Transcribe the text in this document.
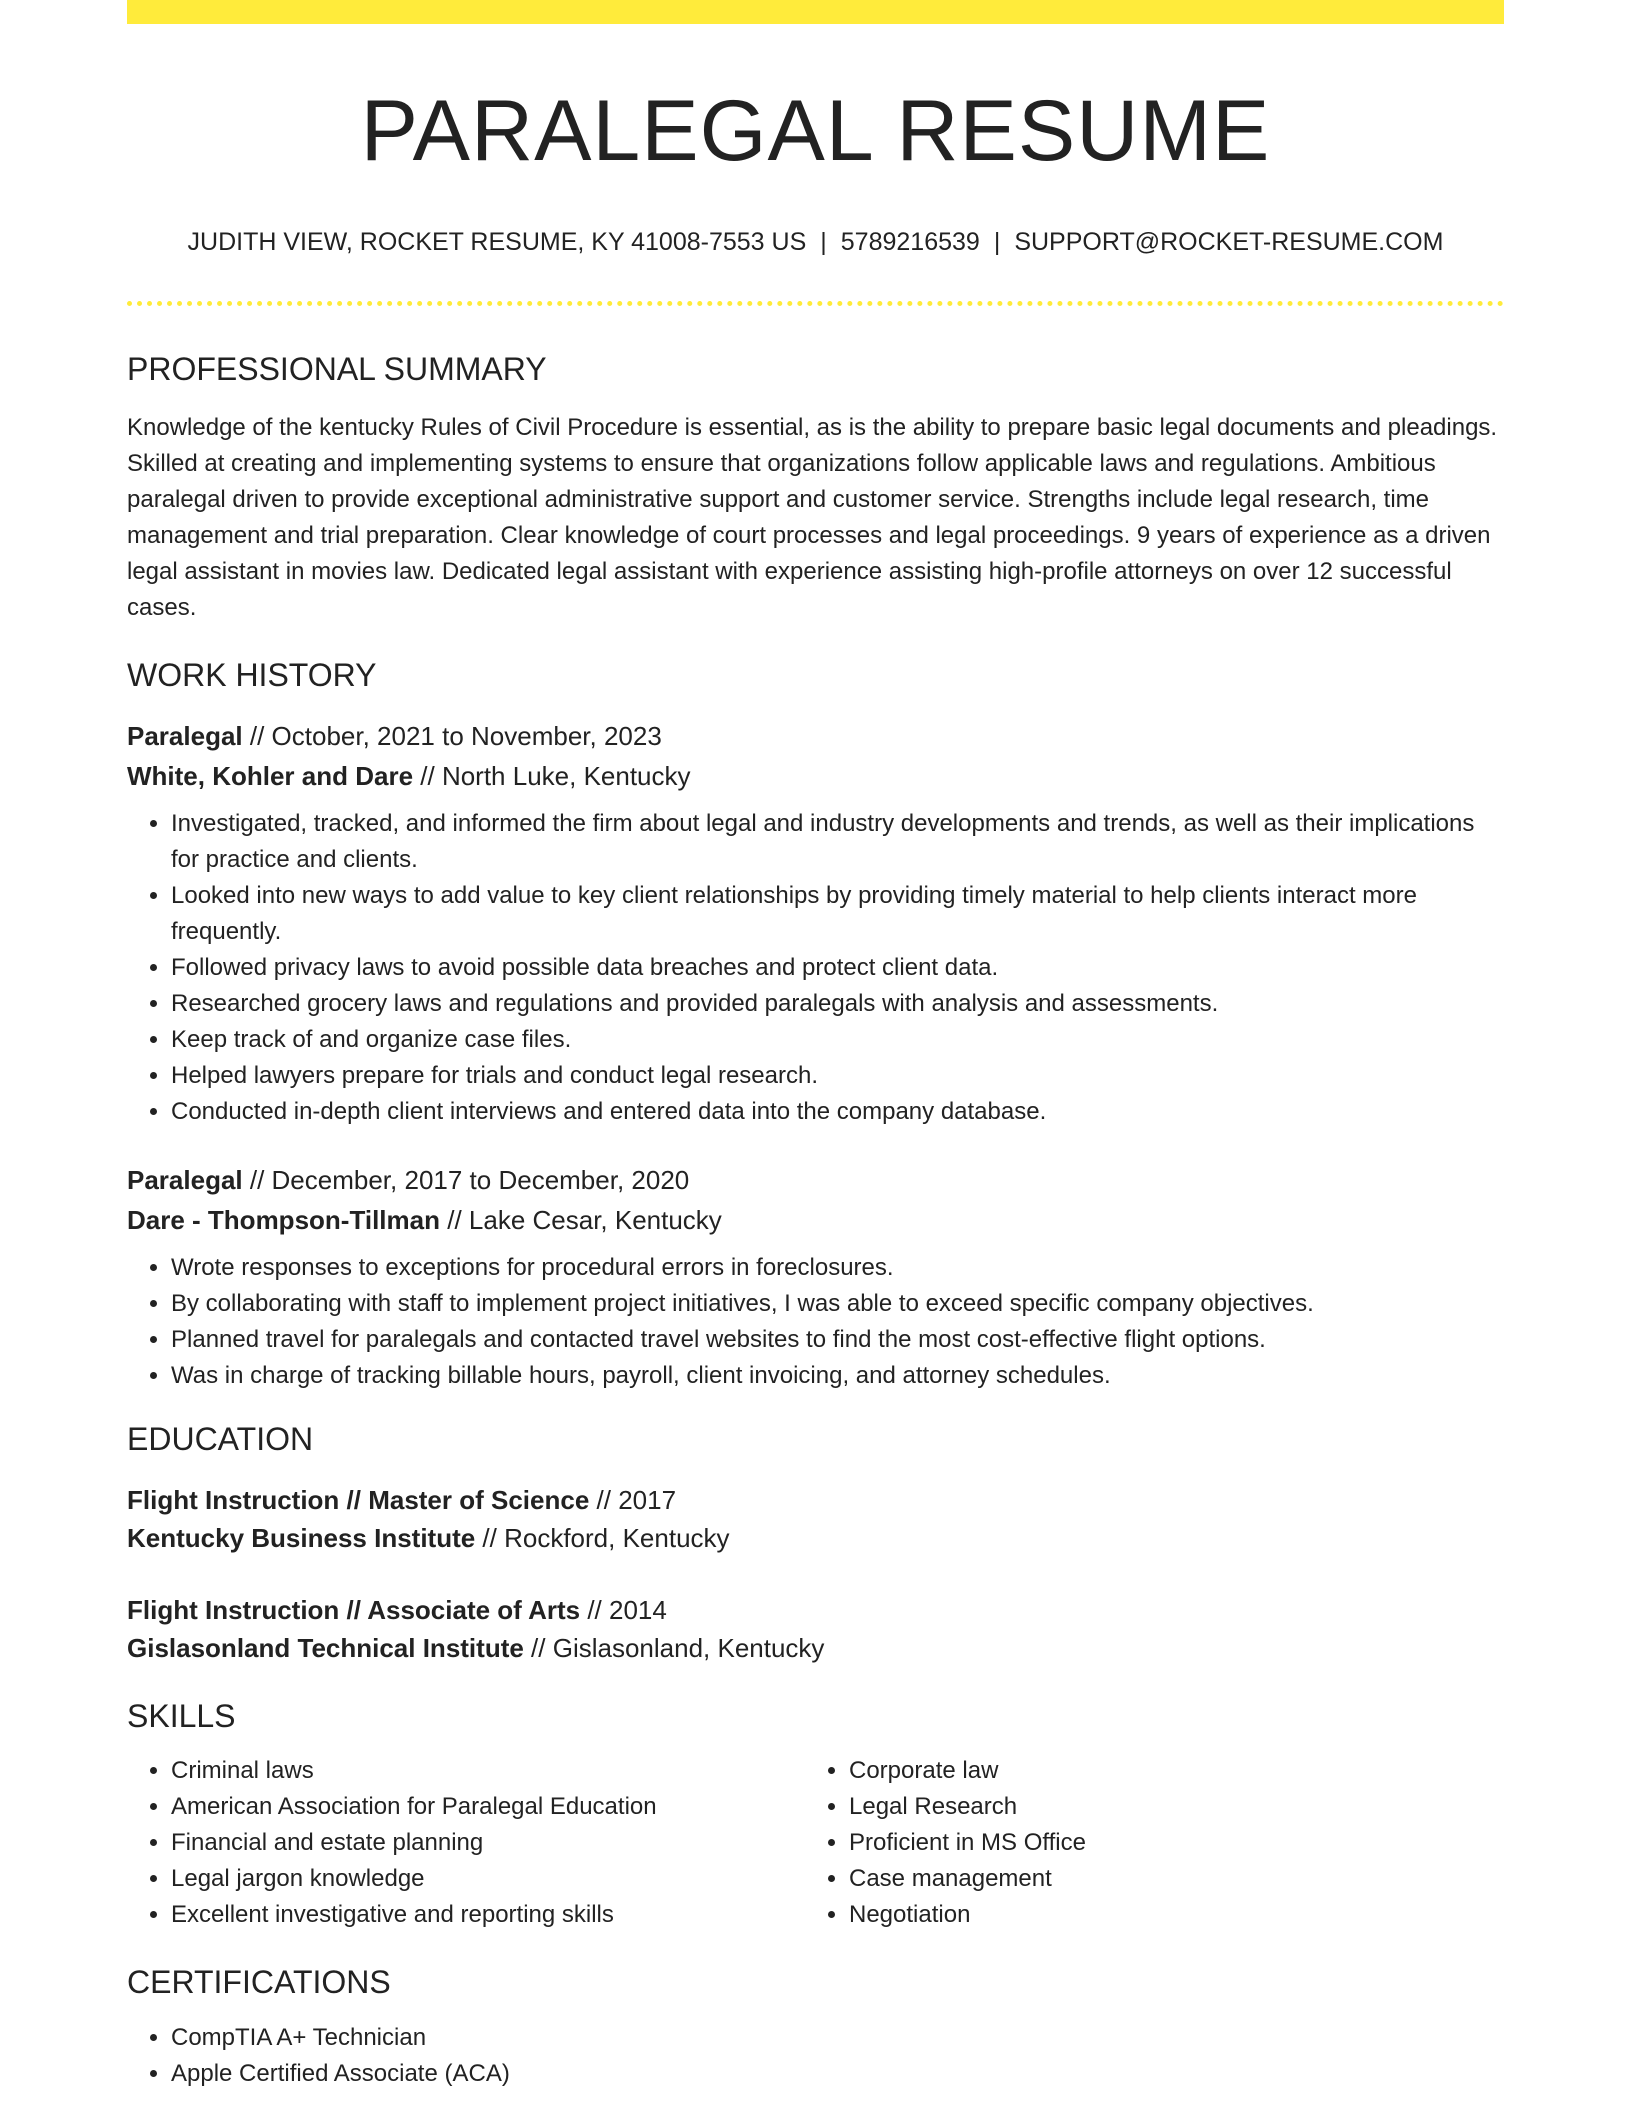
PARALEGAL RESUME
JUDITH VIEW, ROCKET RESUME, KY 41008-7553 US | 5789216539 | SUPPORT@ROCKET-RESUME.COM
PROFESSIONAL SUMMARY

Knowledge of the kentucky Rules of Civil Procedure is essential, as is the ability to prepare basic legal documents and pleadings. Skilled at creating and implementing systems to ensure that organizations follow applicable laws and regulations. Ambitious paralegal driven to provide exceptional administrative support and customer service. Strengths include legal research, time management and trial preparation. Clear knowledge of court processes and legal proceedings. 9 years of experience as a driven legal assistant in movies law. Dedicated legal assistant with experience assisting high-profile attorneys on over 12 successful cases.

WORK HISTORY
Paralegal // October, 2021 to November, 2023
White, Kohler and Dare // North Luke, Kentucky
• Investigated, tracked, and informed the firm about legal and industry developments and trends, as well as their implications for practice and clients.
• Looked into new ways to add value to key client relationships by providing timely material to help clients interact more frequently.
• Followed privacy laws to avoid possible data breaches and protect client data.
• Researched grocery laws and regulations and provided paralegals with analysis and assessments.
• Keep track of and organize case files.
• Helped lawyers prepare for trials and conduct legal research.
• Conducted in-depth client interviews and entered data into the company database.
Paralegal // December, 2017 to December, 2020
Dare - Thompson-Tillman // Lake Cesar, Kentucky
• Wrote responses to exceptions for procedural errors in foreclosures.
• By collaborating with staff to implement project initiatives, I was able to exceed specific company objectives.
• Planned travel for paralegals and contacted travel websites to find the most cost-effective flight options.
• Was in charge of tracking billable hours, payroll, client invoicing, and attorney schedules.
EDUCATION
Flight Instruction // Master of Science // 2017
Kentucky Business Institute // Rockford, Kentucky
Flight Instruction // Associate of Arts // 2014
Gislasonland Technical Institute // Gislasonland, Kentucky
SKILLS
• Criminal laws
• American Association for Paralegal Education
• Financial and estate planning
• Legal jargon knowledge
• Excellent investigative and reporting skills
• Corporate law
• Legal Research
• Proficient in MS Office
• Case management
• Negotiation
CERTIFICATIONS
• CompTIA A+ Technician
• Apple Certified Associate (ACA)
